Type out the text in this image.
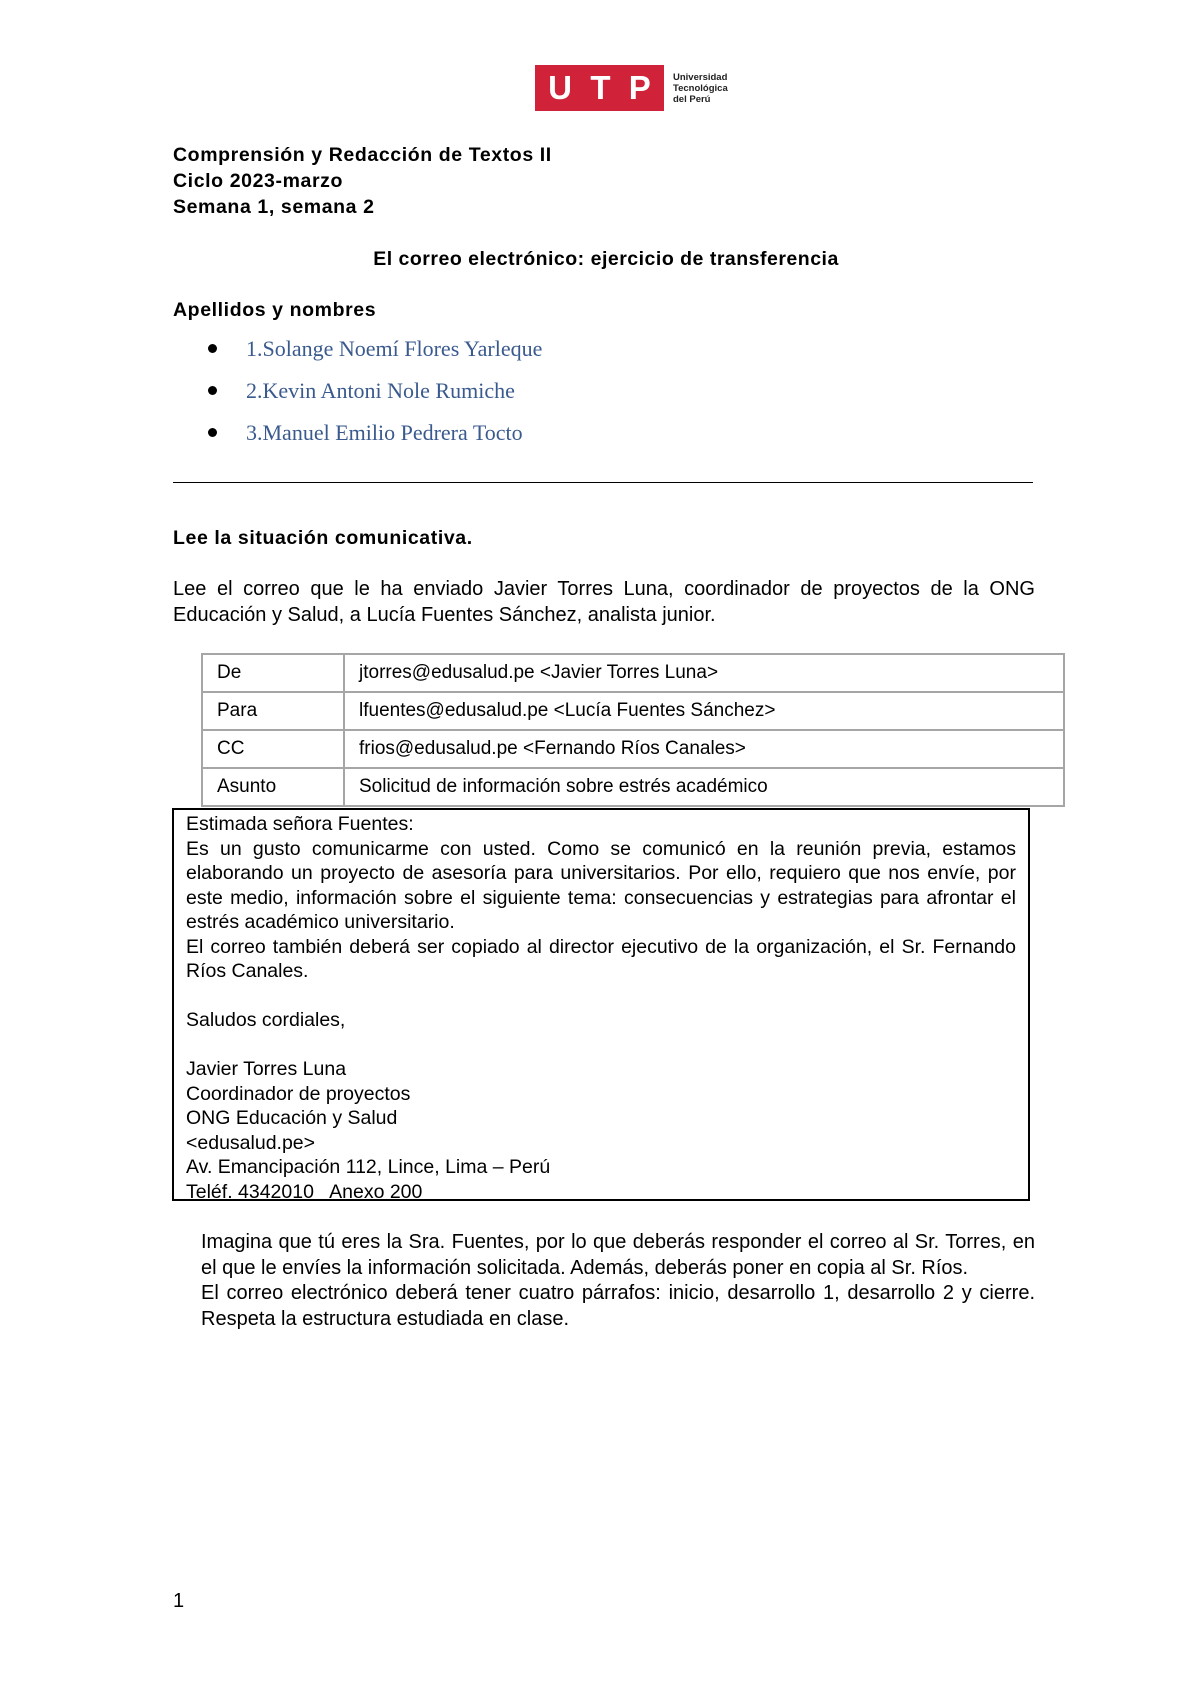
U T P Universidad
Tecnológica
del Perú
Comprensión y Redacción de Textos II
Ciclo 2023-marzo
Semana 1, semana 2
El correo electrónico: ejercicio de transferencia
Apellidos y nombres
1.Solange Noemí Flores Yarleque
2.Kevin Antoni Nole Rumiche
3.Manuel Emilio Pedrera Tocto
Lee la situación comunicativa.
Lee el correo que le ha enviado Javier Torres Luna, coordinador de proyectos de la ONG Educación y Salud, a Lucía Fuentes Sánchez, analista junior.
De	jtorres@edusalud.pe <Javier Torres Luna>
Para	lfuentes@edusalud.pe <Lucía Fuentes Sánchez>
CC	frios@edusalud.pe <Fernando Ríos Canales>
Asunto	Solicitud de información sobre estrés académico

Estimada señora Fuentes:

Es un gusto comunicarme con usted. Como se comunicó en la reunión previa, estamos elaborando un proyecto de asesoría para universitarios. Por ello, requiero que nos envíe, por este medio, información sobre el siguiente tema: consecuencias y estrategias para afrontar el estrés académico universitario.

El correo también deberá ser copiado al director ejecutivo de la organización, el Sr. Fernando Ríos Canales.

Saludos cordiales,

Javier Torres Luna

Coordinador de proyectos

ONG Educación y Salud

<edusalud.pe>

Av. Emancipación 112, Lince, Lima – Perú

Teléf. 4342010   Anexo 200

Imagina que tú eres la Sra. Fuentes, por lo que deberás responder el correo al Sr. Torres, en el que le envíes la información solicitada. Además, deberás poner en copia al Sr. Ríos.

El correo electrónico deberá tener cuatro párrafos: inicio, desarrollo 1, desarrollo 2 y cierre. Respeta la estructura estudiada en clase.

1
